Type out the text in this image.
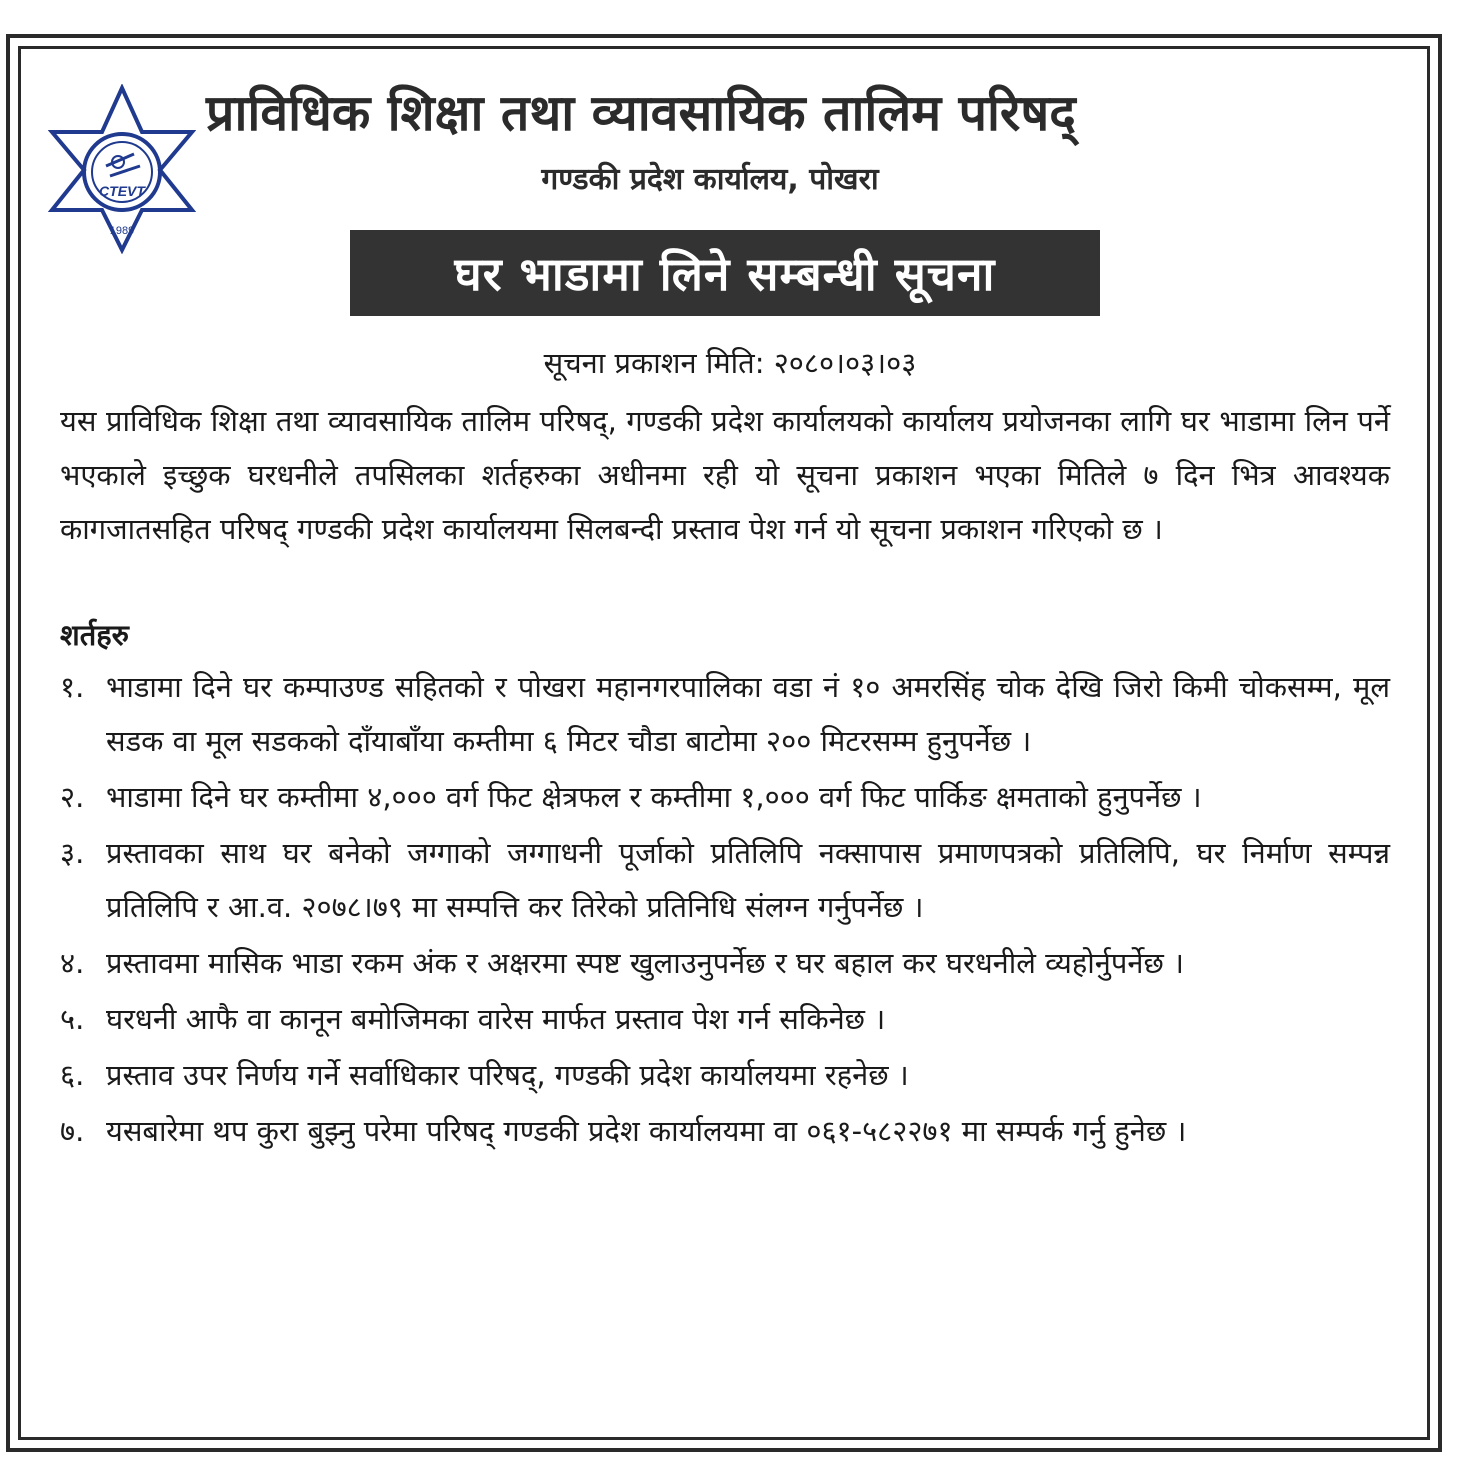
CTEVT
1989
प्राविधिक शिक्षा तथा व्यावसायिक तालिम परिषद्
गण्डकी प्रदेश कार्यालय, पोखरा
घर भाडामा लिने सम्बन्धी सूचना
सूचना प्रकाशन मिति: २०८०।०३।०३
यस प्राविधिक शिक्षा तथा व्यावसायिक तालिम परिषद्, गण्डकी प्रदेश कार्यालयको कार्यालय प्रयोजनका लागि घर भाडामा लिन पर्ने भएकाले इच्छुक घरधनीले तपसिलका शर्तहरुका अधीनमा रही यो सूचना प्रकाशन भएका मितिले ७ दिन भित्र आवश्यक कागजातसहित परिषद् गण्डकी प्रदेश कार्यालयमा सिलबन्दी प्रस्ताव पेश गर्न यो सूचना प्रकाशन गरिएको छ ।
शर्तहरु
१. भाडामा दिने घर कम्पाउण्ड सहितको र पोखरा महानगरपालिका वडा नं १० अमरसिंह चोक देखि जिरो किमी चोकसम्म, मूल सडक वा मूल सडकको दाँयाबाँया कम्तीमा ६ मिटर चौडा बाटोमा २०० मिटरसम्म हुनुपर्नेछ ।
२. भाडामा दिने घर कम्तीमा ४,००० वर्ग फिट क्षेत्रफल र कम्तीमा १,००० वर्ग फिट पार्किङ क्षमताको हुनुपर्नेछ ।
३. प्रस्तावका साथ घर बनेको जग्गाको जग्गाधनी पूर्जाको प्रतिलिपि नक्सापास प्रमाणपत्रको प्रतिलिपि, घर निर्माण सम्पन्न प्रतिलिपि र आ.व. २०७८।७९ मा सम्पत्ति कर तिरेको प्रतिनिधि संलग्न गर्नुपर्नेछ ।
४. प्रस्तावमा मासिक भाडा रकम अंक र अक्षरमा स्पष्ट खुलाउनुपर्नेछ र घर बहाल कर घरधनीले व्यहोर्नुपर्नेछ ।
५. घरधनी आफै वा कानून बमोजिमका वारेस मार्फत प्रस्ताव पेश गर्न सकिनेछ ।
६. प्रस्ताव उपर निर्णय गर्ने सर्वाधिकार परिषद्, गण्डकी प्रदेश कार्यालयमा रहनेछ ।
७. यसबारेमा थप कुरा बुझ्नु परेमा परिषद् गण्डकी प्रदेश कार्यालयमा वा ०६१-५८२२७१ मा सम्पर्क गर्नु हुनेछ ।
